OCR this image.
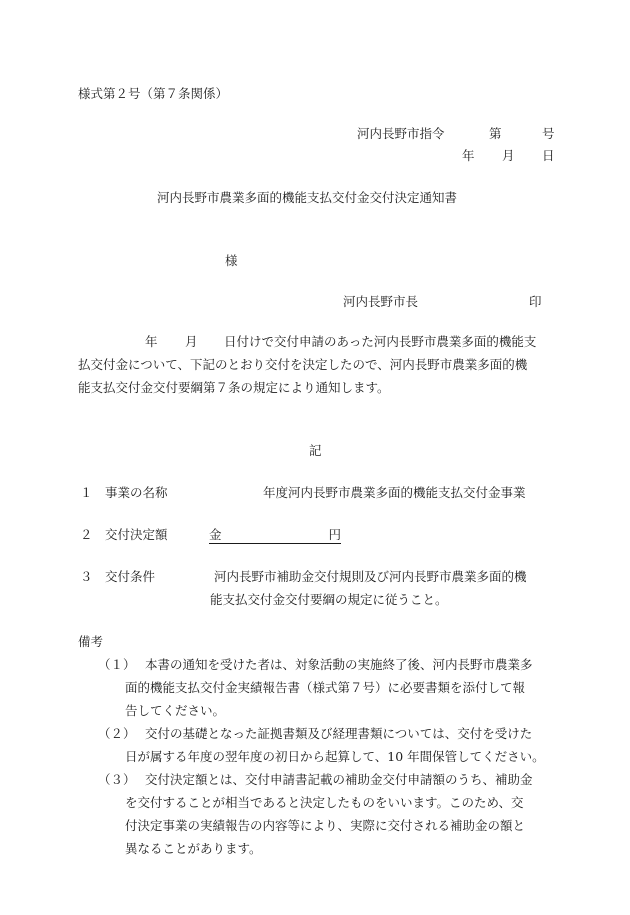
様式第２号（第７条関係）
河内長野市指令	第	号
年 月 日
河内長野市農業多面的機能支払交付金交付決定通知書
様
河内長野市長	印
年 月 日付けで交付申請のあった河内長野市農業多面的機能支
払交付金について、下記のとおり交付を決定したので、河内長野市農業多面的機
能支払交付金交付要綱第７条の規定により通知します。
記
１ 事業の名称	年度河内長野市農業多面的機能支払交付金事業
２ 交付決定額	金	円
３ 交付条件	河内長野市補助金交付規則及び河内長野市農業多面的機
能支払交付金交付要綱の規定に従うこと。
備考
（１） 本書の通知を受けた者は、対象活動の実施終了後、河内長野市農業多
面的機能支払交付金実績報告書（様式第７号）に必要書類を添付して報
告してください。
（２） 交付の基礎となった証拠書類及び経理書類については、交付を受けた
日が属する年度の翌年度の初日から起算して、10 年間保管してください。
（３） 交付決定額とは、交付申請書記載の補助金交付申請額のうち、補助金
を交付することが相当であると決定したものをいいます。このため、交
付決定事業の実績報告の内容等により、実際に交付される補助金の額と
異なることがあります。
